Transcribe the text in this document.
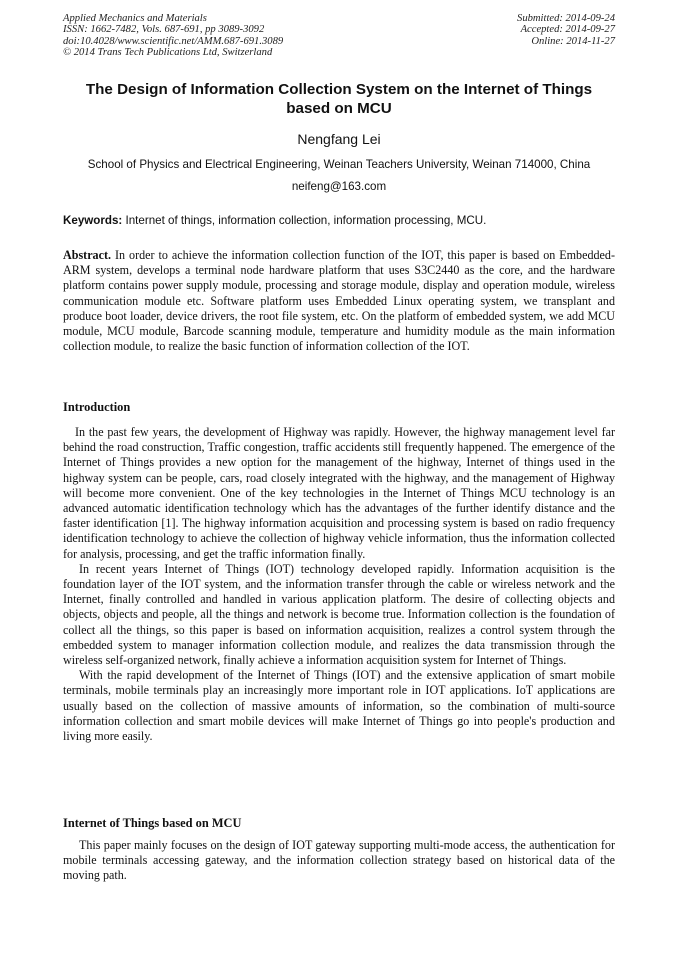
Applied Mechanics and Materials
ISSN: 1662-7482, Vols. 687-691, pp 3089-3092
doi:10.4028/www.scientific.net/AMM.687-691.3089
© 2014 Trans Tech Publications Ltd, Switzerland
Submitted: 2014-09-24
Accepted: 2014-09-27
Online: 2014-11-27
The Design of Information Collection System on the Internet of Things based on MCU
Nengfang Lei
School of Physics and Electrical Engineering, Weinan Teachers University, Weinan 714000, China
neifeng@163.com
Keywords: Internet of things, information collection, information processing, MCU.

Abstract. In order to achieve the information collection function of the IOT, this paper is based on Embedded-ARM system, develops a terminal node hardware platform that uses S3C2440 as the core, and the hardware platform contains power supply module, processing and storage module, display and operation module, wireless communication module etc. Software platform uses Embedded Linux operating system, we transplant and produce boot loader, device drivers, the root file system, etc. On the platform of embedded system, we add MCU module, MCU module, Barcode scanning module, temperature and humidity module as the main information collection module, to realize the basic function of information collection of the IOT.

Introduction

In the past few years, the development of Highway was rapidly. However, the highway management level far behind the road construction, Traffic congestion, traffic accidents still frequently happened. The emergence of the Internet of Things provides a new option for the management of the highway, Internet of things used in the highway system can be people, cars, road closely integrated with the highway, and the management of Highway will become more convenient. One of the key technologies in the Internet of Things MCU technology is an advanced automatic identification technology which has the advantages of the further identify distance and the faster identification [1]. The highway information acquisition and processing system is based on radio frequency identification technology to achieve the collection of highway vehicle information, thus the information collected for analysis, processing, and get the traffic information finally.

In recent years Internet of Things (IOT) technology developed rapidly. Information acquisition is the foundation layer of the IOT system, and the information transfer through the cable or wireless network and the Internet, finally controlled and handled in various application platform. The desire of collecting objects and objects, objects and people, all the things and network is become true. Information collection is the foundation of collect all the things, so this paper is based on information acquisition, realizes a control system through the embedded system to manager information collection module, and realizes the data transmission through the wireless self-organized network, finally achieve a information acquisition system for Internet of Things.

With the rapid development of the Internet of Things (IOT) and the extensive application of smart mobile terminals, mobile terminals play an increasingly more important role in IOT applications. IoT applications are usually based on the collection of massive amounts of information, so the combination of multi-source information collection and smart mobile devices will make Internet of Things go into people's production and living more easily.

Internet of Things based on MCU

This paper mainly focuses on the design of IOT gateway supporting multi-mode access, the authentication for mobile terminals accessing gateway, and the information collection strategy based on historical data of the moving path.
